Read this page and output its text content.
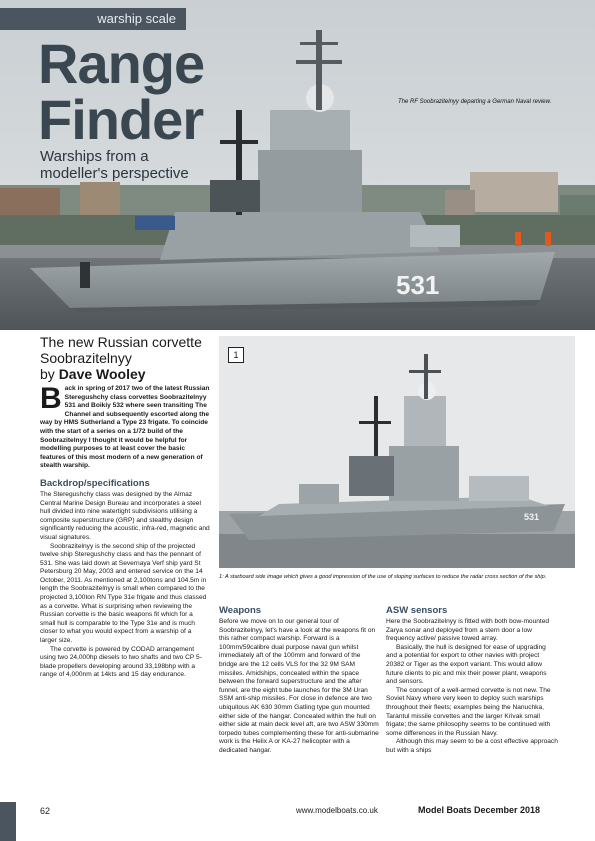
531
warship scale
Range
Finder
Warships from a modeller's perspective
The RF Soobrazitelnyy departing a German Naval review.
The new Russian corvette Soobrazitelnyy
by Dave Wooley

Back in spring of 2017 two of the latest Russian Steregushchy class corvettes Soobrazitelnyy 531 and Boikiy 532 where seen transiting The Channel and subsequently escorted along the way by HMS Sutherland a Type 23 frigate. To coincide with the start of a series on a 1/72 build of the Soobrazitelnyy I thought it would be helpful for modelling purposes to at least cover the basic features of this most modern of a new generation of stealth warship.

Backdrop/specifications

The Steregushchy class was designed by the Almaz Central Marine Design Bureau and incorporates a steel hull divided into nine watertight subdivisions utilising a composite superstructure (GRP) and stealthy design significantly reducing the acoustic, infra-red, magnetic and visual signatures.

Soobrazitelnyy is the second ship of the projected twelve ship Steregushchy class and has the pennant of 531. She was laid down at Severnaya Verf ship yard St Petersburg 20 May, 2003 and entered service on the 14 October, 2011. As mentioned at 2,100tons and 104.5m in length the Soobrazitelnyy is small when compared to the projected 3,100ton RN Type 31e frigate and thus classed as a corvette. What is surprising when reviewing the Russian corvette is the basic weapons fit which for a small hull is comparable to the Type 31e and is much closer to what you would expect from a warship of a larger size.

The corvette is powered by CODAD arrangement using two 24,000hp diesels to two shafts and two CP 5-blade propellers developing around 33,198bhp with a range of 4,000nm at 14kts and 15 day endurance.

531
1
1: A starboard side image which gives a good impression of the use of sloping surfaces to reduce the radar cross section of the ship.
Weapons

Before we move on to our general tour of Soobrazitelnyy, let's have a look at the weapons fit on this rather compact warship. Forward is a 100mm/59calibre dual purpose naval gun whilst immediately aft of the 100mm and forward of the bridge are the 12 cells VLS for the 32 9M SAM missiles. Amidships, concealed within the space between the forward superstructure and the after funnel, are the eight tube launches for the 3M Uran SSM anti-ship missiles. For close in defence are two ubiquitous AK 630 30mm Gatling type gun mounted either side of the hangar. Concealed within the hull on either side at main deck level aft, are two ASW 330mm torpedo tubes complementing these for anti-submarine work is the Helix A or KA-27 helicopter with a dedicated hangar.

ASW sensors

Here the Soobrazitelnyy is fitted with both bow-mounted Zarya sonar and deployed from a stern door a low frequency active/ passive towed array.

Basically, the hull is designed for ease of upgrading and a potential for export to other navies with project 20382 or Tiger as the export variant. This would allow future clients to pic and mix their power plant, weapons and sensors.

The concept of a well-armed corvette is not new. The Soviet Navy where very keen to deploy such warships throughout their fleets; examples being the Nanuchka, Tarantul missile corvettes and the larger Krivak small frigate; the same philosophy seems to be continued with some differences in the Russian Navy.

Although this may seem to be a cost effective approach but with a ships

62	www.modelboats.co.uk	Model Boats December 2018
